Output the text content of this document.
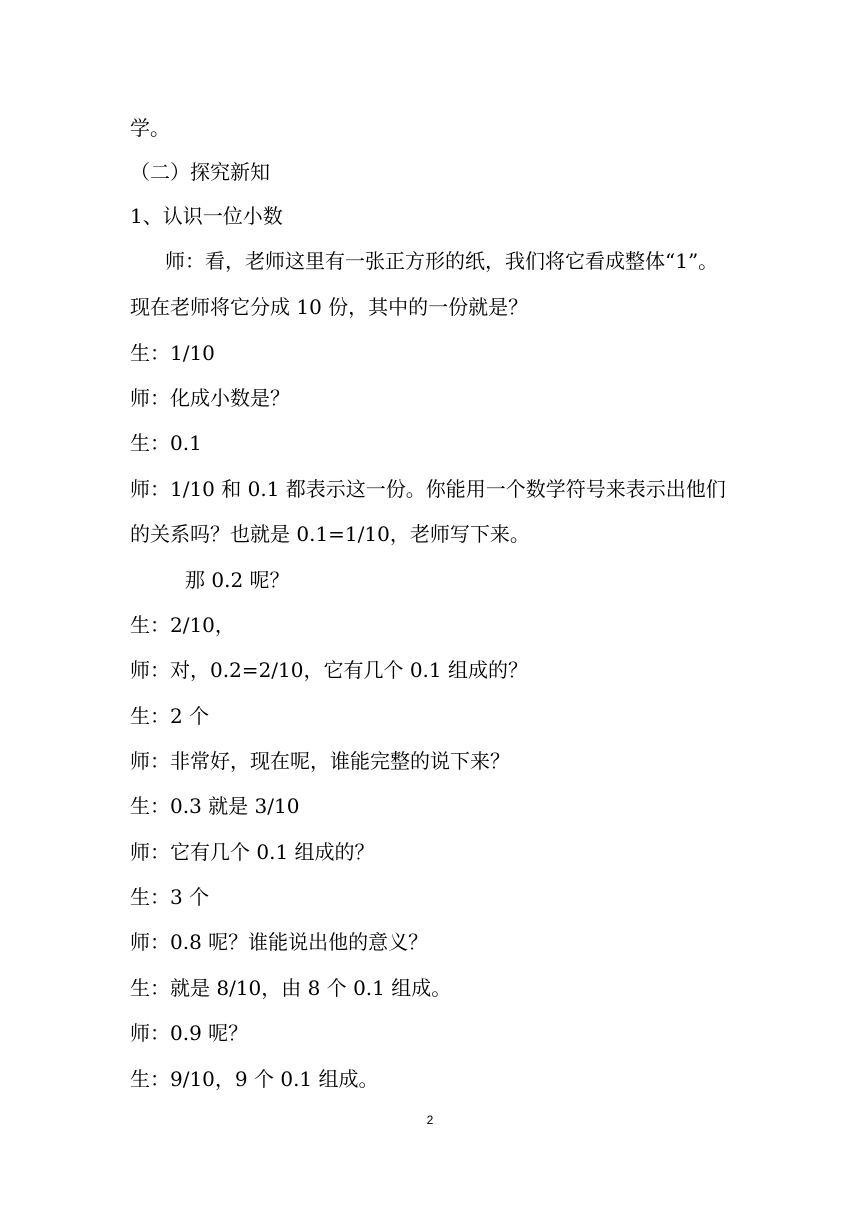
学。
（二）探究新知
1、认识一位小数
师：看，老师这里有一张正方形的纸，我们将它看成整体“1”。
现在老师将它分成 10 份，其中的一份就是？
生：1/10
师：化成小数是？
生：0.1
师：1/10 和 0.1 都表示这一份。你能用一个数学符号来表示出他们
的关系吗？也就是 0.1=1/10，老师写下来。
那 0.2 呢？
生：2/10，
师：对，0.2=2/10，它有几个 0.1 组成的？
生：2 个
师：非常好，现在呢，谁能完整的说下来？
生：0.3 就是 3/10
师：它有几个 0.1 组成的？
生：3 个
师：0.8 呢？谁能说出他的意义？
生：就是 8/10，由 8 个 0.1 组成。
师：0.9 呢？
生：9/10，9 个 0.1 组成。
2
